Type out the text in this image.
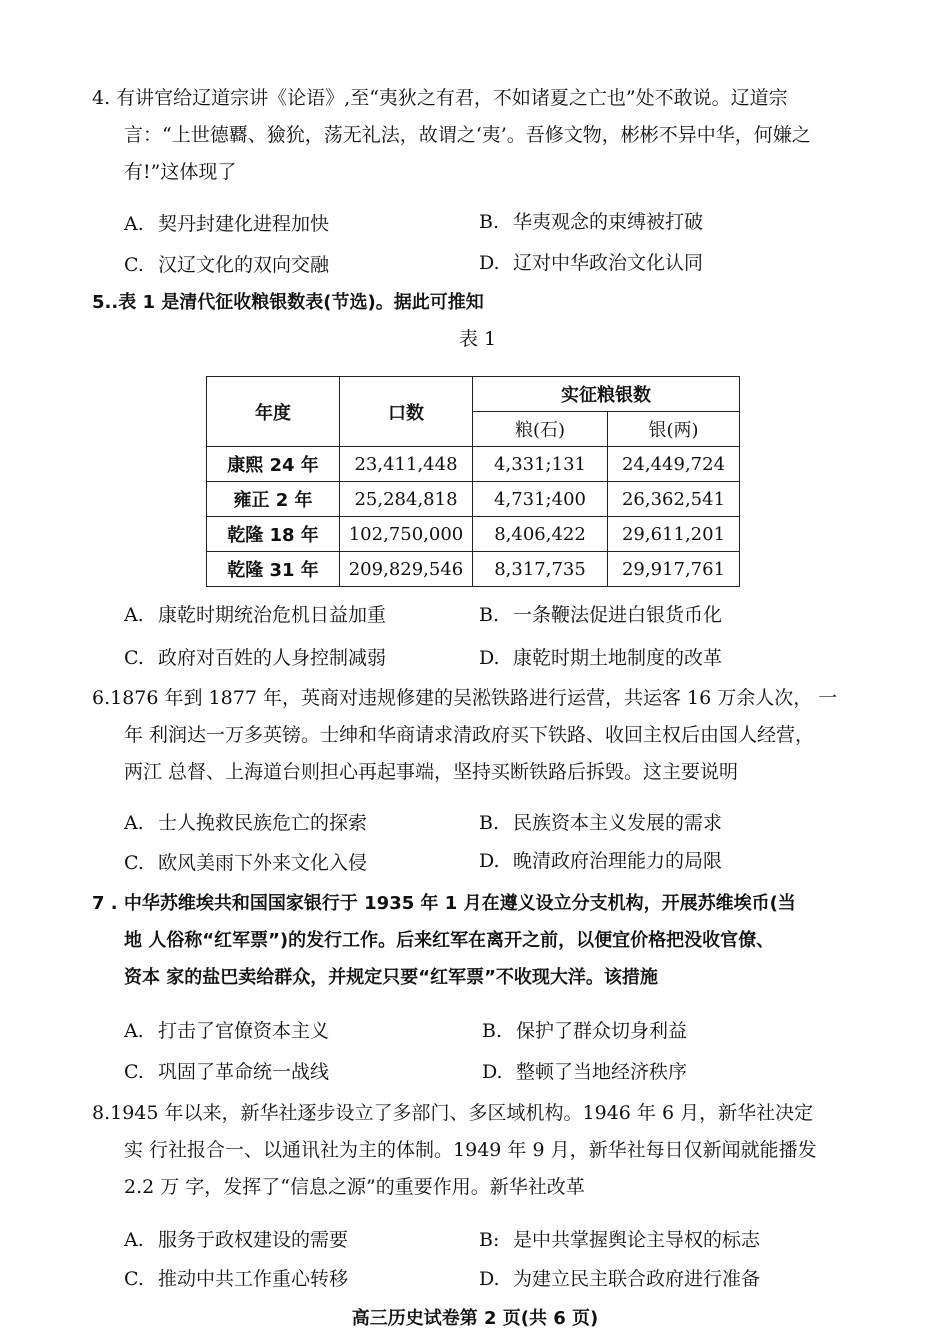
4. 有讲官给辽道宗讲《论语》,至“夷狄之有君，不如诸夏之亡也”处不敢说。辽道宗
言：“上世德覉、獫狁，荡无礼法，故谓之‘夷’。吾修文物，彬彬不异中华，何嫌之
有!”这体现了
A. 契丹封建化进程加快	B. 华夷观念的束缚被打破
C. 汉辽文化的双向交融	D. 辽对中华政治文化认同
5..表 1 是清代征收粮银数表(节选)。据此可推知
表 1
年度	口数	实征粮银数	
		粮(石)	银(两)
康熙 24 年	23,411,448	4,331;131	24,449,724
雍正 2 年	25,284,818	4,731;400	26,362,541
乾隆 18 年	102,750,000	8,406,422	29,611,201
乾隆 31 年	209,829,546	8,317,735	29,917,761
A. 康乾时期统治危机日益加重	B. 一条鞭法促进白银货币化
C. 政府对百姓的人身控制减弱	D. 康乾时期土地制度的改革
6.1876 年到 1877 年，英商对违规修建的吴淞铁路进行运营，共运客 16 万余人次， 一
年 利润达一万多英镑。士绅和华商请求清政府买下铁路、收回主权后由国人经营，
两江 总督、上海道台则担心再起事端，坚持买断铁路后拆毁。这主要说明
A. 士人挽救民族危亡的探索	B. 民族资本主义发展的需求
C. 欧风美雨下外来文化入侵	D. 晚清政府治理能力的局限
7 . 中华苏维埃共和国国家银行于 1935 年 1 月在遵义设立分支机构，开展苏维埃币(当
地 人俗称“红军票”)的发行工作。后来红军在离开之前，以便宜价格把没收官僚、
资本 家的盐巴卖给群众，并规定只要“红军票”不收现大洋。该措施
A. 打击了官僚资本主义	B. 保护了群众切身利益
C. 巩固了革命统一战线	D. 整顿了当地经济秩序
8.1945 年以来，新华社逐步设立了多部门、多区域机构。1946 年 6 月，新华社决定
实 行社报合一、以通讯社为主的体制。1949 年 9 月，新华社每日仅新闻就能播发
2.2 万 字，发挥了“信息之源”的重要作用。新华社改革
A. 服务于政权建设的需要	B: 是中共掌握舆论主导权的标志
C. 推动中共工作重心转移	D. 为建立民主联合政府进行准备
高三历史试卷第 2 页(共 6 页)
